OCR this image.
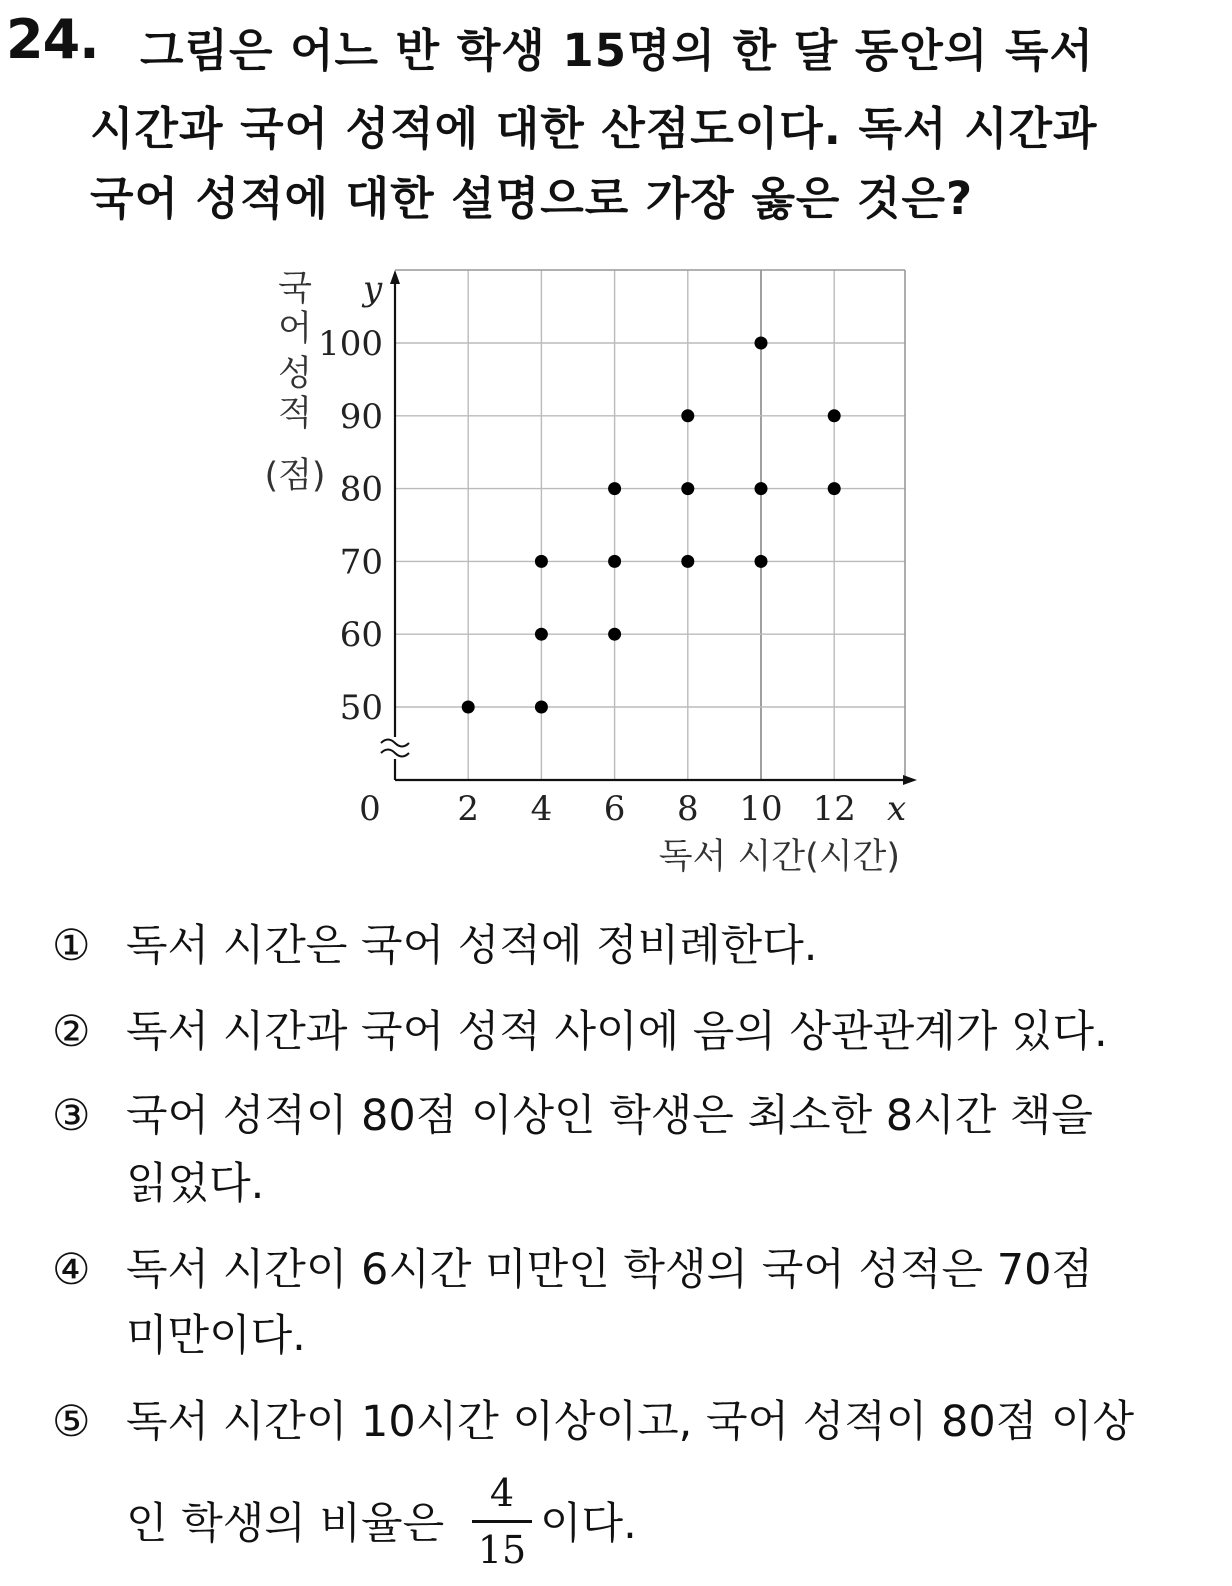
24. 그림은 어느 반 학생 15명의 한 달 동안의 독서
시간과 국어 성적에 대한 산점도이다. 독서 시간과
국어 성적에 대한 설명으로 가장 옳은 것은?
2 4 6 8 10 12
0
50
60
70
80
90
100
x
y
국 어 성 적 (점)
독서 시간(시간)
① 독서 시간은 국어 성적에 정비례한다.
② 독서 시간과 국어 성적 사이에 음의 상관관계가 있다.
③ 국어 성적이 80점 이상인 학생은 최소한 8시간 책을
읽었다.
④ 독서 시간이 6시간 미만인 학생의 국어 성적은 70점
미만이다.
⑤ 독서 시간이 10시간 이상이고, 국어 성적이 80점 이상
인 학생의 비율은
4
15
이다.
